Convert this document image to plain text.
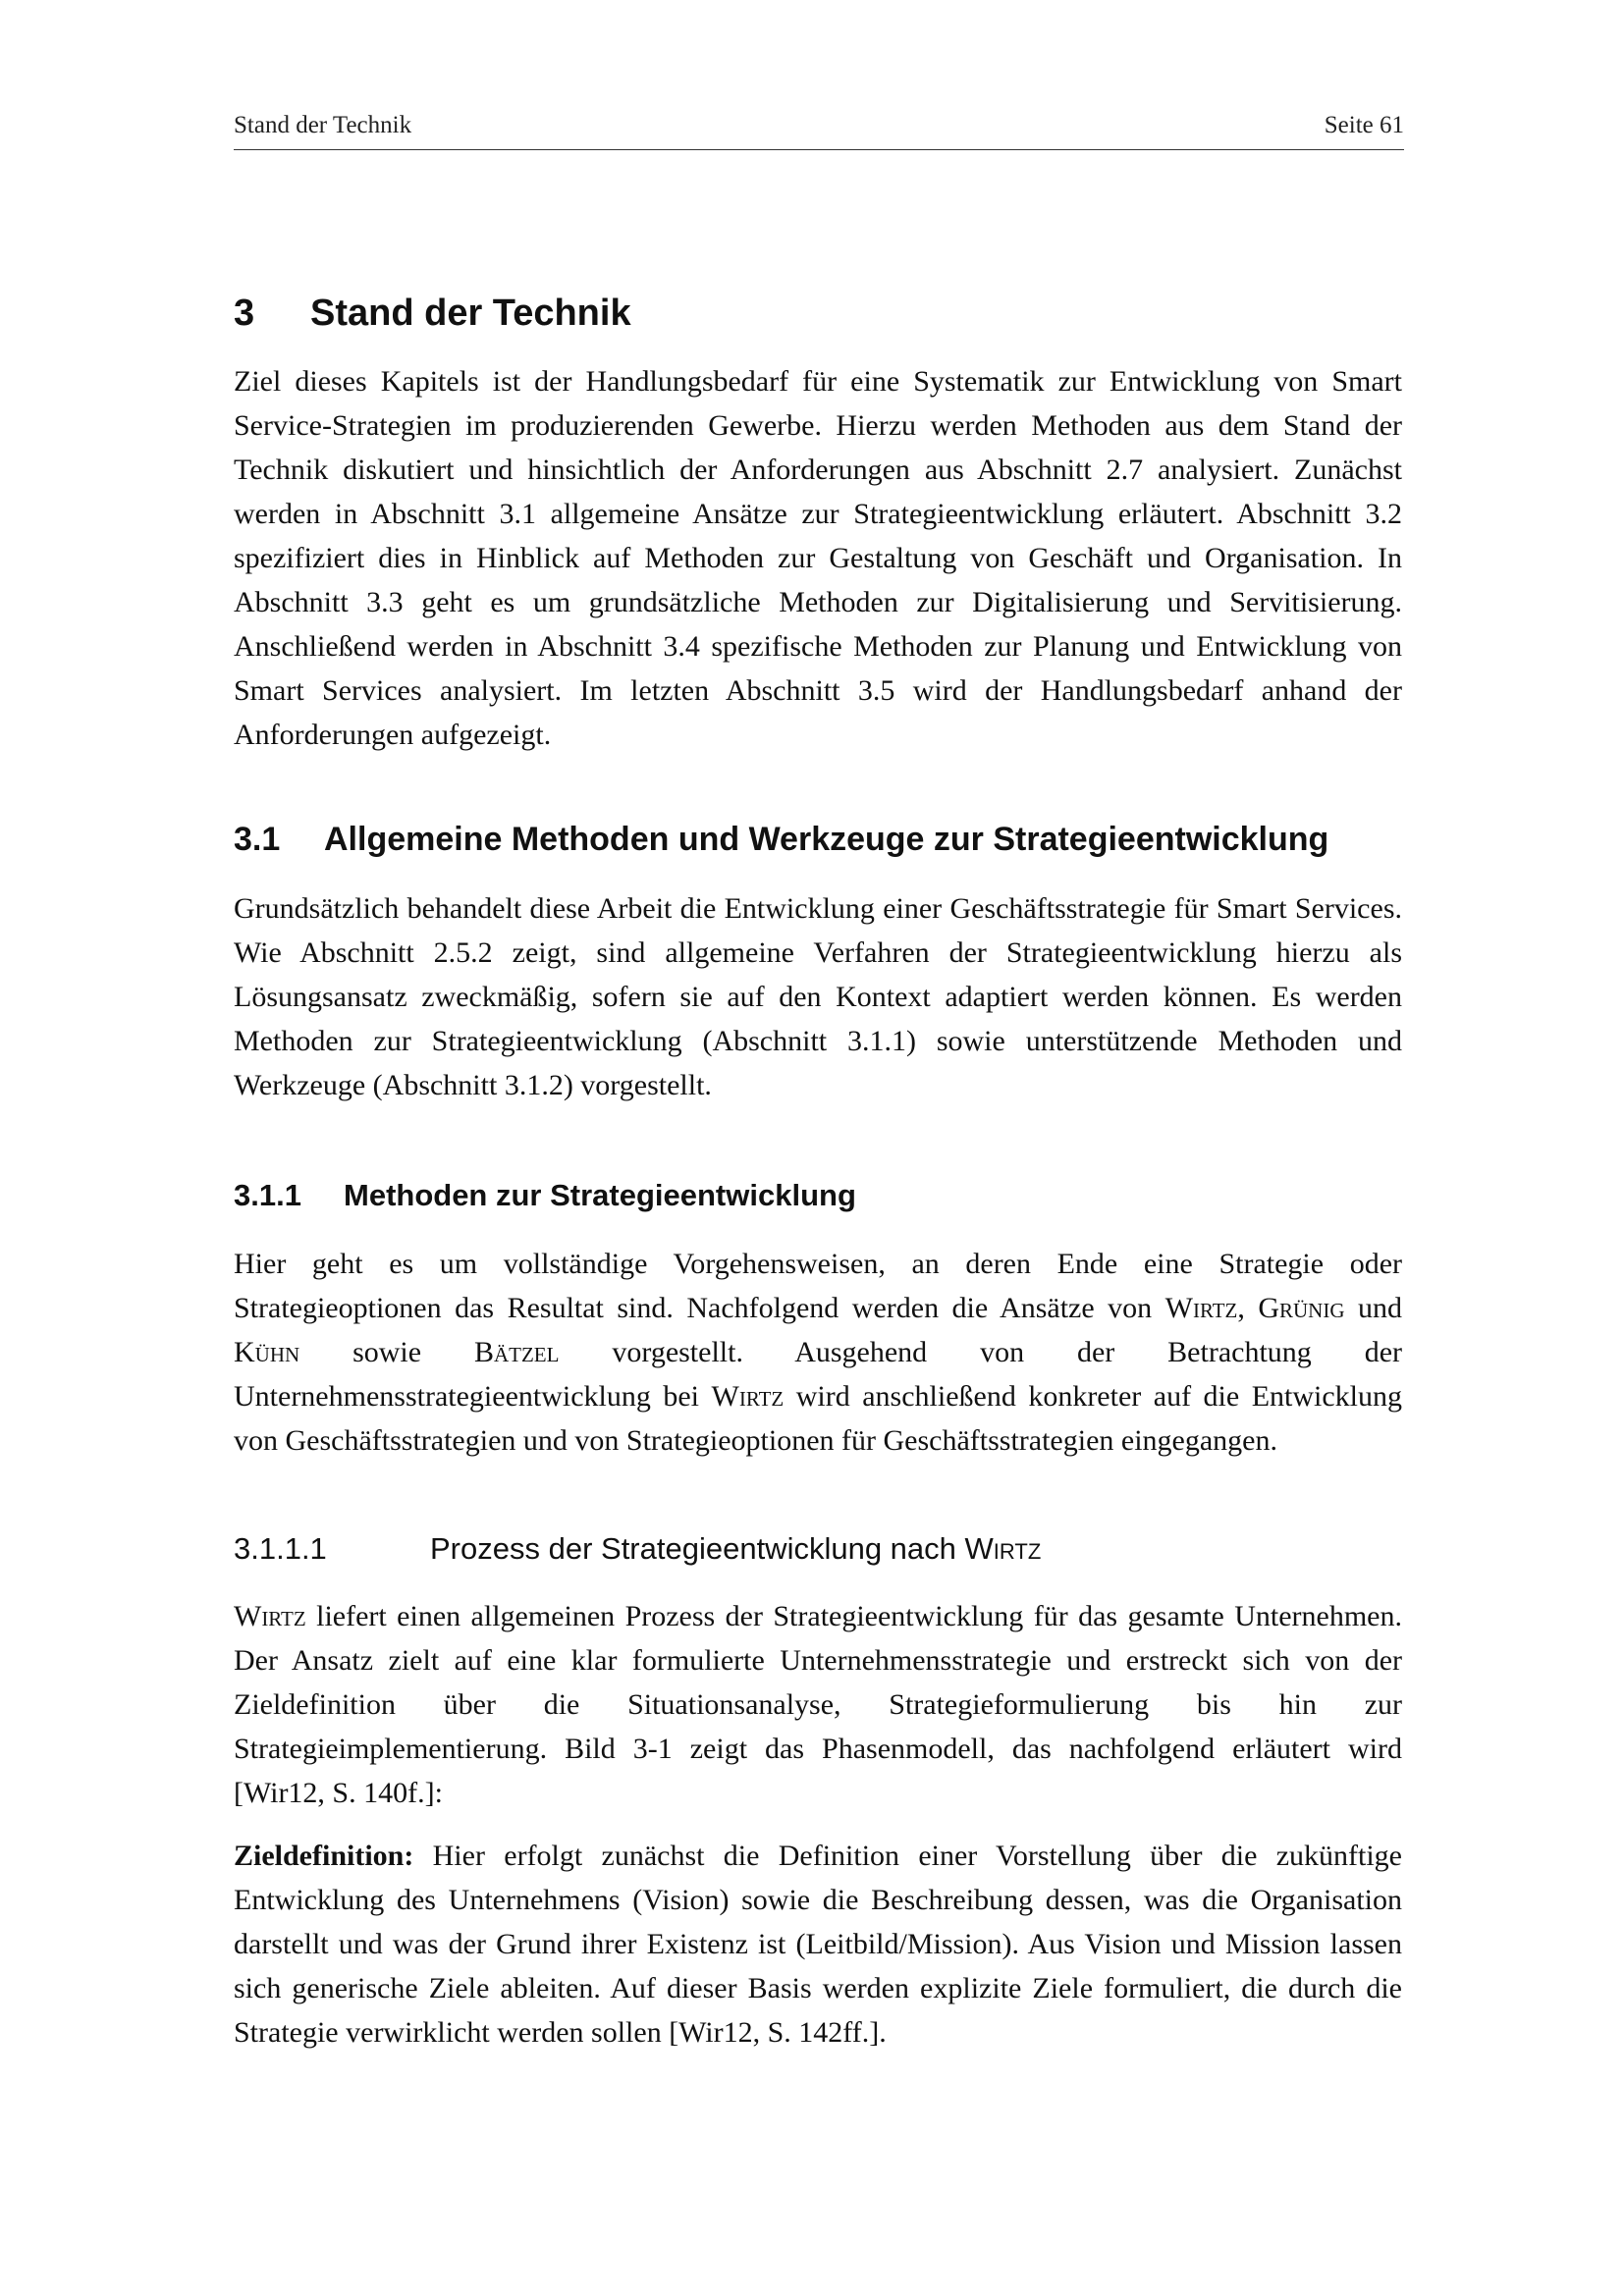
Stand der Technik	Seite 61
3 Stand der Technik

Ziel dieses Kapitels ist der Handlungsbedarf für eine Systematik zur Entwicklung von Smart Service-Strategien im produzierenden Gewerbe. Hierzu werden Methoden aus dem Stand der Technik diskutiert und hinsichtlich der Anforderungen aus Abschnitt 2.7 analysiert. Zunächst werden in Abschnitt 3.1 allgemeine Ansätze zur Strategieentwicklung erläutert. Abschnitt 3.2 spezifiziert dies in Hinblick auf Methoden zur Gestaltung von Geschäft und Organisation. In Abschnitt 3.3 geht es um grundsätzliche Methoden zur Digitalisierung und Servitisierung. Anschließend werden in Abschnitt 3.4 spezifische Methoden zur Planung und Entwicklung von Smart Services analysiert. Im letzten Abschnitt 3.5 wird der Handlungsbedarf anhand der Anforderungen aufgezeigt.

3.1 Allgemeine Methoden und Werkzeuge zur Strategieentwicklung

Grundsätzlich behandelt diese Arbeit die Entwicklung einer Geschäftsstrategie für Smart Services. Wie Abschnitt 2.5.2 zeigt, sind allgemeine Verfahren der Strategieentwicklung hierzu als Lösungsansatz zweckmäßig, sofern sie auf den Kontext adaptiert werden können. Es werden Methoden zur Strategieentwicklung (Abschnitt 3.1.1) sowie unterstützende Methoden und Werkzeuge (Abschnitt 3.1.2) vorgestellt.

3.1.1 Methoden zur Strategieentwicklung

Hier geht es um vollständige Vorgehensweisen, an deren Ende eine Strategie oder Strategieoptionen das Resultat sind. Nachfolgend werden die Ansätze von Wirtz, Grünig und Kühn sowie Bätzel vorgestellt. Ausgehend von der Betrachtung der Unternehmensstrategieentwicklung bei Wirtz wird anschließend konkreter auf die Entwicklung von Geschäftsstrategien und von Strategieoptionen für Geschäftsstrategien eingegangen.

3.1.1.1	Prozess der Strategieentwicklung nach Wirtz

Wirtz liefert einen allgemeinen Prozess der Strategieentwicklung für das gesamte Unternehmen. Der Ansatz zielt auf eine klar formulierte Unternehmensstrategie und erstreckt sich von der Zieldefinition über die Situationsanalyse, Strategieformulierung bis hin zur Strategieimplementierung. Bild 3-1 zeigt das Phasenmodell, das nachfolgend erläutert wird [Wir12, S. 140f.]:

Zieldefinition: Hier erfolgt zunächst die Definition einer Vorstellung über die zukünftige Entwicklung des Unternehmens (Vision) sowie die Beschreibung dessen, was die Organisation darstellt und was der Grund ihrer Existenz ist (Leitbild/Mission). Aus Vision und Mission lassen sich generische Ziele ableiten. Auf dieser Basis werden explizite Ziele formuliert, die durch die Strategie verwirklicht werden sollen [Wir12, S. 142ff.].
